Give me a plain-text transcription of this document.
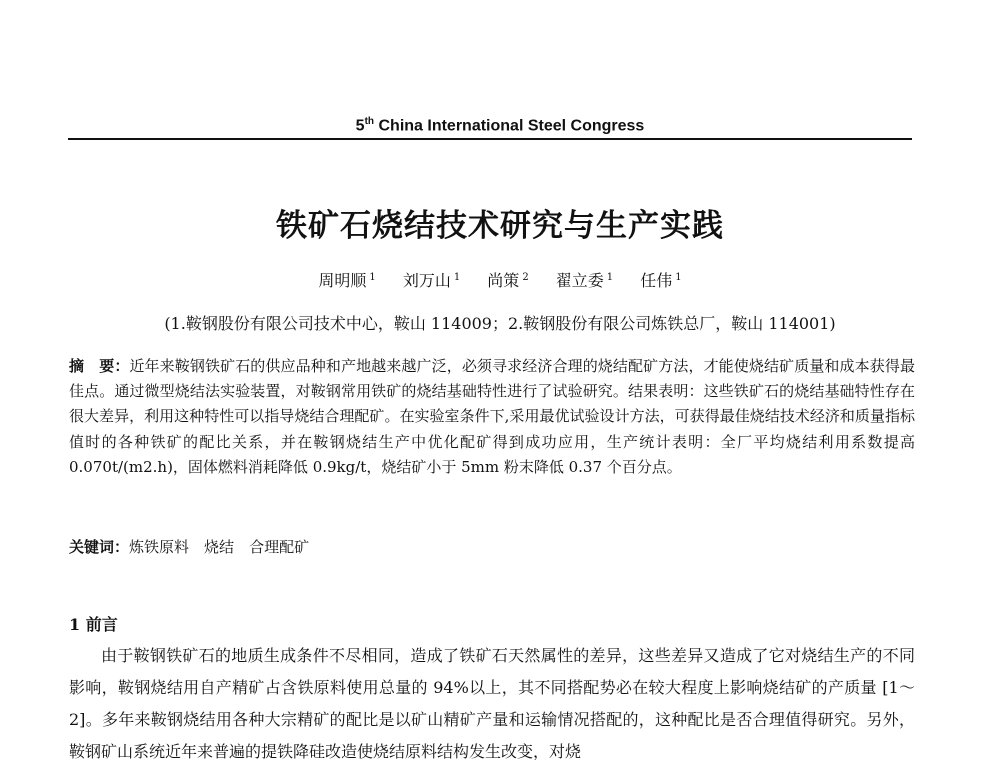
5th China International Steel Congress
铁矿石烧结技术研究与生产实践
周明顺 $^1$ 刘万山 $^1$ 尚策 $^2$ 翟立委 $^1$ 任伟 $^1$
(1.鞍钢股份有限公司技术中心，鞍山 114009；2.鞍钢股份有限公司炼铁总厂，鞍山 114001)
摘　要：近年来鞍钢铁矿石的供应品种和产地越来越广泛，必须寻求经济合理的烧结配矿方法，才能使烧结矿质量和成本获得最佳点。通过微型烧结法实验装置，对鞍钢常用铁矿的烧结基础特性进行了试验研究。结果表明：这些铁矿石的烧结基础特性存在很大差异，利用这种特性可以指导烧结合理配矿。在实验室条件下,采用最优试验设计方法，可获得最佳烧结技术经济和质量指标值时的各种铁矿的配比关系，并在鞍钢烧结生产中优化配矿得到成功应用，生产统计表明：全厂平均烧结利用系数提高 0.070t/(m2.h)，固体燃料消耗降低 0.9kg/t，烧结矿小于 5mm 粉末降低 0.37 个百分点。
关键词：炼铁原料　 烧结　 合理配矿
1 前言
由于鞍钢铁矿石的地质生成条件不尽相同，造成了铁矿石天然属性的差异，这些差异又造成了它对烧结生产的不同影响，鞍钢烧结用自产精矿占含铁原料使用总量的 94%以上，其不同搭配势必在较大程度上影响烧结矿的产质量 [1～2]。多年来鞍钢烧结用各种大宗精矿的配比是以矿山精矿产量和运输情况搭配的，这种配比是否合理值得研究。另外，鞍钢矿山系统近年来普遍的提铁降硅改造使烧结原料结构发生改变，对烧
